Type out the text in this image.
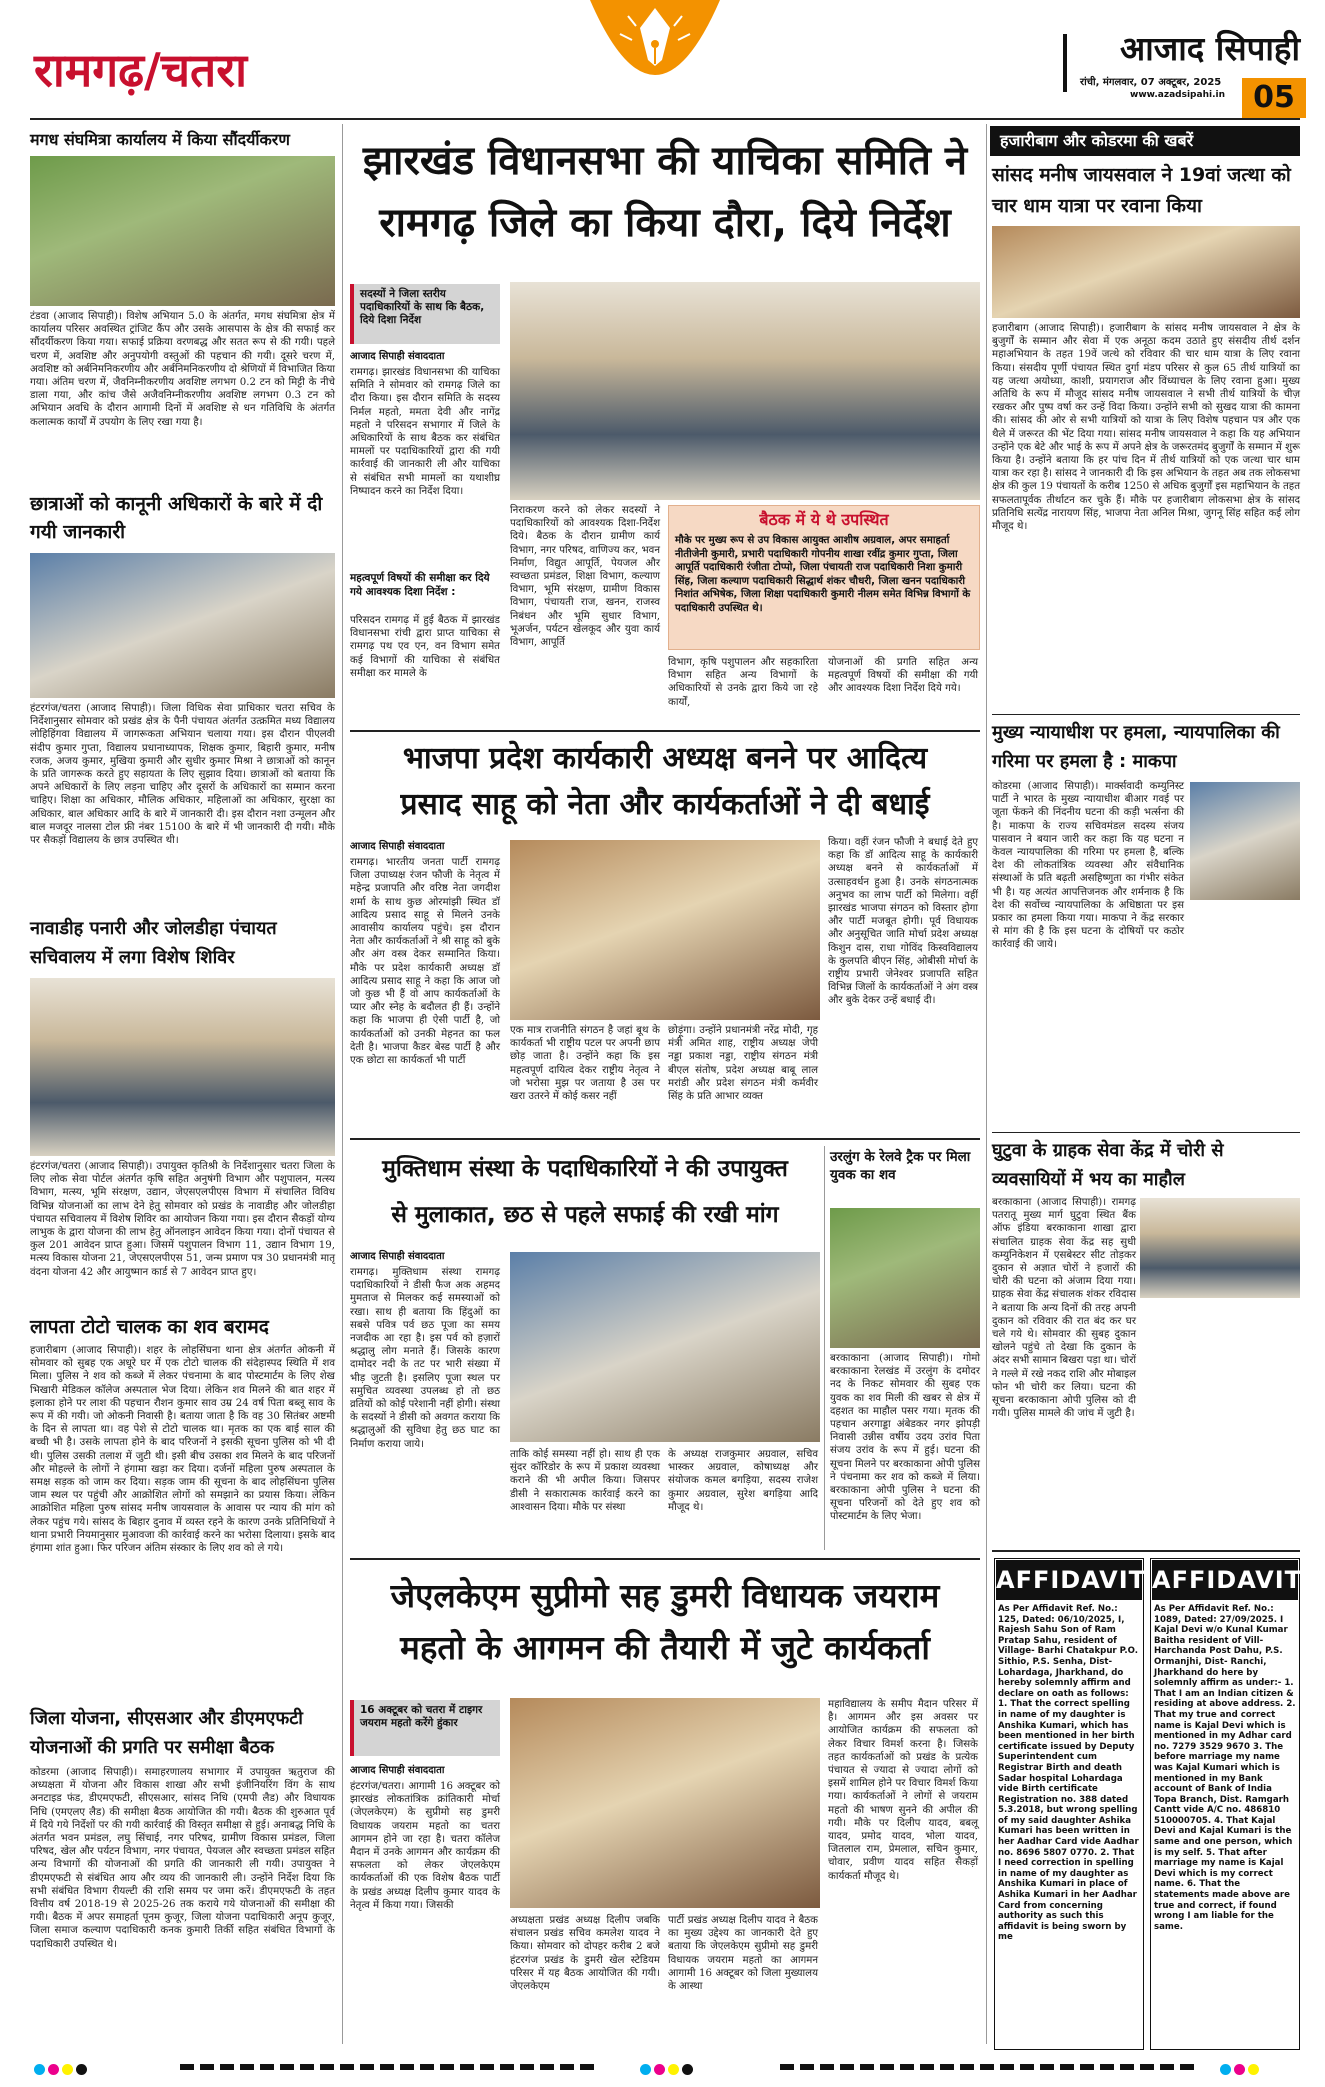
रामगढ़/चतरा	आजाद सिपाही
रांची, मंगलवार, 07 अक्टूबर, 2025
www.azadsipahi.in 05
मगध संघमित्रा कार्यालय में किया सौंदर्यीकरण
टंडवा (आजाद सिपाही)। विशेष अभियान 5.0 के अंतर्गत, मगध संघमित्रा क्षेत्र में कार्यालय परिसर अवस्थित ट्रांजिट कैंप और उसके आसपास के क्षेत्र की सफाई कर सौंदर्यीकरण किया गया। सफाई प्रक्रिया वरणबद्ध और सतत रूप से की गयी। पहले चरण में, अवशिष्ट और अनुपयोगी वस्तुओं की पहचान की गयी। दूसरे चरण में, अवशिष्ट को अर्बनिमनिकरणीय और अर्बनिमनिकरणीय दो श्रेणियों में विभाजित किया गया। अंतिम चरण में, जैवनिम्नीकरणीय अवशिष्ट लगभग 0.2 टन को मिट्टी के नीचे डाला गया, और कांच जैसे अजैवनिम्नीकरणीय अवशिष्ट लगभग 0.3 टन को अभियान अवधि के दौरान आगामी दिनों में अवशिष्ट से धन गतिविधि के अंतर्गत कलात्मक कार्यों में उपयोग के लिए रखा गया है।
छात्राओं को कानूनी अधिकारों के बारे में दी गयी जानकारी
हंटरगंज/चतरा (आजाद सिपाही)। जिला विधिक सेवा प्राधिकार चतरा सचिव के निर्देशानुसार सोमवार को प्रखंड क्षेत्र के पैनी पंचायत अंतर्गत उत्क्रमित मध्य विद्यालय लोहिहिंगवा विद्यालय में जागरूकता अभियान चलाया गया। इस दौरान पीएलवी संदीप कुमार गुप्ता, विद्यालय प्रधानाध्यापक, शिक्षक कुमार, बिहारी कुमार, मनीष रजक, अजय कुमार, मुखिया कुमारी और सुधीर कुमार मिश्रा ने छात्राओं को कानून के प्रति जागरूक करते हुए सहायता के लिए सुझाव दिया। छात्राओं को बताया कि अपने अधिकारों के लिए लड़ना चाहिए और दूसरों के अधिकारों का सम्मान करना चाहिए। शिक्षा का अधिकार, मौलिक अधिकार, महिलाओं का अधिकार, सुरक्षा का अधिकार, बाल अधिकार आदि के बारे में जानकारी दी। इस दौरान नशा उन्मूलन और बाल मजदूर नालसा टोल फ्री नंबर 15100 के बारे में भी जानकारी दी गयी। मौके पर सैकड़ों विद्यालय के छात्र उपस्थित थी।
नावाडीह पनारी और जोलडीहा पंचायत सचिवालय में लगा विशेष शिविर
हंटरगंज/चतरा (आजाद सिपाही)। उपायुक्त कृतिश्री के निर्देशानुसार चतरा जिला के लिए लोक सेवा पोर्टल अंतर्गत कृषि सहित अनुषंगी विभाग और पशुपालन, मत्स्य विभाग, मत्स्य, भूमि संरक्षण, उद्यान, जेएसएलपीएस विभाग में संचालित विविध विभिन्न योजनाओं का लाभ देने हेतु सोमवार को प्रखंड के नावाडीह और जोलडीहा पंचायत सचिवालय में विशेष शिविर का आयोजन किया गया। इस दौरान सैकड़ों योग्य लाभुक के द्वारा योजना की लाभ हेतु ऑनलाइन आवेदन किया गया। दोनों पंचायत से कुल 201 आवेदन प्राप्त हुआ। जिसमें पशुपालन विभाग 11, उद्यान विभाग 19, मत्स्य विकास योजना 21, जेएसएलपीएस 51, जन्म प्रमाण पत्र 30 प्रधानमंत्री मातृ वंदना योजना 42 और आयुष्मान कार्ड से 7 आवेदन प्राप्त हुए।
लापता टोटो चालक का शव बरामद
हजारीबाग (आजाद सिपाही)। शहर के लोहसिंघना थाना क्षेत्र अंतर्गत ओकनी में सोमवार को सुबह एक अधूरे घर में एक टोटो चालक की संदेहास्पद स्थिति में शव मिला। पुलिस ने शव को कब्जे में लेकर पंचनामा के बाद पोस्टमार्टम के लिए शेख भिखारी मेडिकल कॉलेज अस्पताल भेज दिया। लेकिन शव मिलने की बात शहर में इलाका होने पर लाश की पहचान रौशन कुमार साव उम्र 24 वर्ष पिता बब्लू साव के रूप में की गयी। जो ओकनी निवासी है। बताया जाता है कि वह 30 सितंबर अष्टमी के दिन से लापता था। वह पेशे से टोटो चालक था। मृतक का एक बाई साल की बच्ची भी है। उसके लापता होने के बाद परिजनों ने इसकी सूचना पुलिस को भी दी थी। पुलिस उसकी तलाश में जुटी थी। इसी बीच उसका शव मिलने के बाद परिजनों और मोहल्ले के लोगों ने हंगामा खड़ा कर दिया। दर्जनों महिला पुरुष अस्पताल के समक्ष सड़क को जाम कर दिया। सड़क जाम की सूचना के बाद लोहसिंघना पुलिस जाम स्थल पर पहुंची और आक्रोशित लोगों को समझाने का प्रयास किया। लेकिन आक्रोशित महिला पुरुष सांसद मनीष जायसवाल के आवास पर न्याय की मांग को लेकर पहुंच गये। सांसद के बिहार दुनाव में व्यस्त रहने के कारण उनके प्रतिनिधियों ने थाना प्रभारी नियमानुसार मुआवजा की कार्रवाई करने का भरोसा दिलाया। इसके बाद हंगामा शांत हुआ। फिर परिजन अंतिम संस्कार के लिए शव को ले गये।
जिला योजना, सीएसआर और डीएमएफटी योजनाओं की प्रगति पर समीक्षा बैठक
कोडरमा (आजाद सिपाही)। समाहरणालय सभागार में उपायुक्त ऋतुराज की अध्यक्षता में योजना और विकास शाखा और सभी इंजीनियरिंग विंग के साथ अनटाइड फंड, डीएमएफटी, सीएसआर, सांसद निधि (एमपी लैड) और विधायक निधि (एमएलए लैड) की समीक्षा बैठक आयोजित की गयी। बैठक की शुरुआत पूर्व में दिये गये निर्देशों पर की गयी कार्रवाई की विस्तृत समीक्षा से हुई। अनाबद्ध निधि के अंतर्गत भवन प्रमंडल, लघु सिंचाई, नगर परिषद, ग्रामीण विकास प्रमंडल, जिला परिषद, खेल और पर्यटन विभाग, नगर पंचायत, पेयजल और स्वच्छता प्रमंडल सहित अन्य विभागों की योजनाओं की प्रगति की जानकारी ली गयी। उपायुक्त ने डीएमएफटी से संबंधित आय और व्यय की जानकारी ली। उन्होंने निर्देश दिया कि सभी संबंधित विभाग रीयल्टी की राशि समय पर जमा करें। डीएमएफटी के तहत वित्तीय वर्ष 2018-19 से 2025-26 तक कराये गये योजनाओं की समीक्षा की गयी। बैठक में अपर समाहर्ता पूनम कुजूर, जिला योजना पदाधिकारी अनूप कुजूर, जिला समाज कल्याण पदाधिकारी कनक कुमारी तिर्की सहित संबंधित विभागों के पदाधिकारी उपस्थित थे।
झारखंड विधानसभा की याचिका समिति ने
रामगढ़ जिले का किया दौरा, दिये निर्देश
सदस्यों ने जिला स्तरीय पदाधिकारियों के साथ कि बैठक, दिये दिशा निर्देश
आजाद सिपाही संवाददाता
रामगढ़। झारखंड विधानसभा की याचिका समिति ने सोमवार को रामगढ़ जिले का दौरा किया। इस दौरान समिति के सदस्य निर्मल महतो, ममता देवी और नागेंद्र महतो ने परिसदन सभागार में जिले के अधिकारियों के साथ बैठक कर संबंधित मामलों पर पदाधिकारियों द्वारा की गयी कार्रवाई की जानकारी ली और याचिका से संबंधित सभी मामलों का यथाशीघ्र निष्पादन करने का निर्देश दिया।
महत्वपूर्ण विषयों की समीक्षा कर दिये गये आवश्यक दिशा निर्देश :
परिसदन रामगढ़ में हुई बैठक में झारखंड विधानसभा रांची द्वारा प्राप्त याचिका से रामगढ़ पथ एव एन, वन विभाग समेत कई विभागों की याचिका से संबंधित समीक्षा कर मामले के
निराकरण करने को लेकर सदस्यों ने पदाधिकारियों को आवश्यक दिशा-निर्देश दिये। बैठक के दौरान ग्रामीण कार्य विभाग, नगर परिषद, वाणिज्य कर, भवन निर्माण, विद्युत आपूर्ति, पेयजल और स्वच्छता प्रमंडल, शिक्षा विभाग, कल्याण विभाग, भूमि संरक्षण, ग्रामीण विकास विभाग, पंचायती राज, खनन, राजस्व निबंधन और भूमि सुधार विभाग, भूअर्जन, पर्यटन खेलकूद और युवा कार्य विभाग, आपूर्ति
बैठक में ये थे उपस्थित
मौके पर मुख्य रूप से उप विकास आयुक्त आशीष अग्रवाल, अपर समाहर्ता नीतीजेनी कुमारी, प्रभारी पदाधिकारी गोपनीय शाखा रवींद्र कुमार गुप्ता, जिला आपूर्ति पदाधिकारी रंजीता टोप्पो, जिला पंचायती राज पदाधिकारी निशा कुमारी सिंह, जिला कल्याण पदाधिकारी सिद्धार्थ शंकर चौधरी, जिला खनन पदाधिकारी निशांत अभिषेक, जिला शिक्षा पदाधिकारी कुमारी नीलम समेत विभिन्न विभागों के पदाधिकारी उपस्थित थे।
विभाग, कृषि पशुपालन और सहकारिता विभाग सहित अन्य विभागों के अधिकारियों से उनके द्वारा किये जा रहे कार्यों,
योजनाओं की प्रगति सहित अन्य महत्वपूर्ण विषयों की समीक्षा की गयी और आवश्यक दिशा निर्देश दिये गये।
भाजपा प्रदेश कार्यकारी अध्यक्ष बनने पर आदित्य
प्रसाद साहू को नेता और कार्यकर्ताओं ने दी बधाई
आजाद सिपाही संवाददाता
रामगढ़। भारतीय जनता पार्टी रामगढ़ जिला उपाध्यक्ष रंजन फौजी के नेतृत्व में महेन्द्र प्रजापति और वरिष्ठ नेता जगदीश शर्मा के साथ कुछ ओरमांझी स्थित डॉ आदित्य प्रसाद साहू से मिलने उनके आवासीय कार्यालय पहुंचे। इस दौरान नेता और कार्यकर्ताओं ने श्री साहू को बुके और अंग वस्त्र देकर सम्मानित किया। मौके पर प्रदेश कार्यकारी अध्यक्ष डॉ आदित्य प्रसाद साहू ने कहा कि आज जो जो कुछ भी हैं वो आप कार्यकर्ताओं के प्यार और स्नेह के बदौलत ही हैं। उन्होंने कहा कि भाजपा ही ऐसी पार्टी है, जो कार्यकर्ताओं को उनकी मेहनत का फल देती है। भाजपा कैडर बेस्ड पार्टी है और एक छोटा सा कार्यकर्ता भी पार्टी
एक मात्र राजनीति संगठन है जहां बूथ के कार्यकर्ता भी राष्ट्रीय पटल पर अपनी छाप छोड़ जाता है। उन्होंने कहा कि इस महत्वपूर्ण दायित्व देकर राष्ट्रीय नेतृत्व ने जो भरोसा मुझ पर जताया है उस पर खरा उतरने में कोई कसर नहीं
छोड़ूंगा। उन्होंने प्रधानमंत्री नरेंद्र मोदी, गृह मंत्री अमित शाह, राष्ट्रीय अध्यक्ष जेपी नड्डा प्रकाश नड्डा, राष्ट्रीय संगठन मंत्री बीएल संतोष, प्रदेश अध्यक्ष बाबू लाल मरांडी और प्रदेश संगठन मंत्री कर्मवीर सिंह के प्रति आभार व्यक्त
किया। वहीं रंजन फौजी ने बधाई देते हुए कहा कि डॉ आदित्य साहू के कार्यकारी अध्यक्ष बनने से कार्यकर्ताओं में उत्साहवर्धन हुआ है। उनके संगठनात्मक अनुभव का लाभ पार्टी को मिलेगा। वहीं झारखंड भाजपा संगठन को विस्तार होगा और पार्टी मजबूत होगी। पूर्व विधायक और अनुसूचित जाति मोर्चा प्रदेश अध्यक्ष किशुन दास, राधा गोविंद किस्वविद्यालय के कुलपति बीएन सिंह, ओबीसी मोर्चा के राष्ट्रीय प्रभारी जेनेश्वर प्रजापति सहित विभिन्न जिलों के कार्यकर्ताओं ने अंग वस्त्र और बुके देकर उन्हें बधाई दी।
मुक्तिधाम संस्था के पदाधिकारियों ने की उपायुक्त
से मुलाकात, छठ से पहले सफाई की रखी मांग
आजाद सिपाही संवाददाता
रामगढ़। मुक्तिधाम संस्था रामगढ़ पदाधिकारियों ने डीसी फैज अक अहमद मुमताज से मिलकर कई समस्याओं को रखा। साथ ही बताया कि हिंदुओं का सबसे पवित्र पर्व छठ पूजा का समय नजदीक आ रहा है। इस पर्व को हज़ारों श्रद्धालु लोग मनाते हैं। जिसके कारण दामोदर नदी के तट पर भारी संख्या में भीड़ जुटती है। इसलिए पूजा स्थल पर समुचित व्यवस्था उपलब्ध हो तो छठ व्रतियों को कोई परेशानी नहीं होगी। संस्था के सदस्यों ने डीसी को अवगत कराया कि श्रद्धालुओं की सुविधा हेतु छठ घाट का निर्माण कराया जाये।
ताकि कोई समस्या नहीं हो। साथ ही एक सुंदर कॉरिडोर के रूप में प्रकाश व्यवस्था कराने की भी अपील किया। जिसपर डीसी ने सकारात्मक कार्रवाई करने का आश्वासन दिया। मौके पर संस्था
के अध्यक्ष राजकुमार अग्रवाल, सचिव भास्कर अग्रवाल, कोषाध्यक्ष और संयोजक कमल बगड़िया, सदस्य राजेश कुमार अग्रवाल, सुरेश बगड़िया आदि मौजूद थे।
उरलुंग के रेलवे ट्रैक पर मिला युवक का शव
बरकाकाना (आजाद सिपाही)। गोमो बरकाकाना रेलखंड में उरलुंग के दमोदर नद के निकट सोमवार की सुबह एक युवक का शव मिली की खबर से क्षेत्र में दहशत का माहौल पसर गया। मृतक की पहचान अरगाड्डा अंबेडकर नगर झोपड़ी निवासी उन्नीस वर्षीय उदय उरांव पिता संजय उरांव के रूप में हुई। घटना की सूचना मिलने पर बरकाकाना ओपी पुलिस ने पंचनामा कर शव को कब्जे में लिया। बरकाकाना ओपी पुलिस ने घटना की सूचना परिजनों को देते हुए शव को पोस्टमार्टम के लिए भेजा।
जेएलकेएम सुप्रीमो सह डुमरी विधायक जयराम
महतो के आगमन की तैयारी में जुटे कार्यकर्ता
16 अक्टूबर को चतरा में टाइगर जयराम महतो करेंगे हुंकार
आजाद सिपाही संवाददाता
हंटरगंज/चतरा। आगामी 16 अक्टूबर को झारखंड लोकतांत्रिक क्रांतिकारी मोर्चा (जेएलकेएम) के सुप्रीमो सह डुमरी विधायक जयराम महतो का चतरा आगमन होने जा रहा है। चतरा कॉलेज मैदान में उनके आगमन और कार्यक्रम की सफलता को लेकर जेएलकेएम कार्यकर्ताओं की एक विशेष बैठक पार्टी के प्रखंड अध्यक्ष दिलीप कुमार यादव के नेतृत्व में किया गया। जिसकी
अध्यक्षता प्रखंड अध्यक्ष दिलीप जबकि संचालन प्रखंड सचिव कमलेश यादव ने किया। सोमवार को दोपहर करीब 2 बजे हंटरगंज प्रखंड के डुमरी खेल स्टेडियम परिसर में यह बैठक आयोजित की गयी। जेएलकेएम
पार्टी प्रखंड अध्यक्ष दिलीप यादव ने बैठक का मुख्य उद्देश्य का जानकारी देते हुए बताया कि जेएलकेएम सुप्रीमो सह डुमरी विधायक जयराम महतो का आगमन आगामी 16 अक्टूबर को जिला मुख्यालय के आस्था
महाविद्यालय के समीप मैदान परिसर में है। आगमन और इस अवसर पर आयोजित कार्यक्रम की सफलता को लेकर विचार विमर्श करना है। जिसके तहत कार्यकर्ताओं को प्रखंड के प्रत्येक पंचायत से ज्यादा से ज्यादा लोगों को इसमें शामिल होने पर विचार विमर्श किया गया। कार्यकर्ताओं ने लोगों से जयराम महतो की भाषण सुनने की अपील की गयी। मौके पर दिलीप यादव, बबलू यादव, प्रमोद यादव, भोला यादव, जितलाल राम, प्रेमलाल, सचिन कुमार, चोवार, प्रवीण यादव सहित सैकड़ों कार्यकर्ता मौजूद थे।
हजारीबाग और कोडरमा की खबरें
सांसद मनीष जायसवाल ने 19वां जत्था को चार धाम यात्रा पर रवाना किया
हजारीबाग (आजाद सिपाही)। हजारीबाग के सांसद मनीष जायसवाल ने क्षेत्र के बुजुर्गों के सम्मान और सेवा में एक अनूठा कदम उठाते हुए संसदीय तीर्थ दर्शन महाअभियान के तहत 19वें जत्थे को रविवार की चार धाम यात्रा के लिए रवाना किया। संसदीय पूर्णी पंचायत स्थित दुर्गा मंडप परिसर से कुल 65 तीर्थ यात्रियों का यह जत्था अयोध्या, काशी, प्रयागराज और विंध्याचल के लिए रवाना हुआ। मुख्य अतिथि के रूप में मौजूद सांसद मनीष जायसवाल ने सभी तीर्थ यात्रियों के चीज़ रखकर और पुष्प वर्षा कर उन्हें विदा किया। उन्होंने सभी को सुखद यात्रा की कामना की। सांसद की ओर से सभी यात्रियों को यात्रा के लिए विशेष पहचान पत्र और एक थैले में जरूरत की भेंट दिया गया। सांसद मनीष जायसवाल ने कहा कि यह अभियान उन्होंने एक बेटे और भाई के रूप में अपने क्षेत्र के जरूरतमंद बुजुर्गों के सम्मान में शुरू किया है। उन्होंने बताया कि हर पांच दिन में तीर्थ यात्रियों को एक जत्था चार धाम यात्रा कर रहा है। सांसद ने जानकारी दी कि इस अभियान के तहत अब तक लोकसभा क्षेत्र की कुल 19 पंचायतों के करीब 1250 से अधिक बुजुर्गों इस महाभियान के तहत सफलतापूर्वक तीर्थाटन कर चुके हैं। मौके पर हजारीबाग लोकसभा क्षेत्र के सांसद प्रतिनिधि सत्येंद्र नारायण सिंह, भाजपा नेता अनिल मिश्रा, जुगनू सिंह सहित कई लोग मौजूद थे।
मुख्य न्यायाधीश पर हमला, न्यायपालिका की गरिमा पर हमला है : माकपा
कोडरमा (आजाद सिपाही)। मार्क्सवादी कम्युनिस्ट पार्टी ने भारत के मुख्य न्यायाधीश बीआर गवई पर जूता फेंकने की निंदनीय घटना की कड़ी भर्त्सना की है। माकपा के राज्य सचिवमंडल सदस्य संजय पासवान ने बयान जारी कर कहा कि यह घटना न केवल न्यायपालिका की गरिमा पर हमला है, बल्कि देश की लोकतांत्रिक व्यवस्था और संवैधानिक संस्थाओं के प्रति बढ़ती असहिष्णुता का गंभीर संकेत भी है। यह अत्यंत आपत्तिजनक और शर्मनाक है कि देश की सर्वोच्च न्यायपालिका के अधिष्ठाता पर इस प्रकार का हमला किया गया। माकपा ने केंद्र सरकार से मांग की है कि इस घटना के दोषियों पर कठोर कार्रवाई की जाये।
घुटुवा के ग्राहक सेवा केंद्र में चोरी से व्यवसायियों में भय का माहौल
बरकाकाना (आजाद सिपाही)। रामगढ़ पतरातू मुख्य मार्ग घुटुवा स्थित बैंक ऑफ इंडिया बरकाकाना शाखा द्वारा संचालित ग्राहक सेवा केंद्र सह सुधी कम्युनिकेशन में एसबेस्टर सीट तोड़कर दुकान से अज्ञात चोरों ने हजारों की चोरी की घटना को अंजाम दिया गया। ग्राहक सेवा केंद्र संचालक शंकर रविदास ने बताया कि अन्य दिनों की तरह अपनी दुकान को रविवार की रात बंद कर घर चले गये थे। सोमवार की सुबह दुकान खोलने पहुंचे तो देखा कि दुकान के अंदर सभी सामान बिखरा पड़ा था। चोरों ने गल्ले में रखे नकद राशि और मोबाइल फोन भी चोरी कर लिया। घटना की सूचना बरकाकाना ओपी पुलिस को दी गयी। पुलिस मामले की जांच में जुटी है।
AFFIDAVIT
As Per Affidavit Ref. No.: 125, Dated: 06/10/2025, I, Rajesh Sahu Son of Ram Pratap Sahu, resident of Village- Barhi Chatakpur P.O. Sithio, P.S. Senha, Dist- Lohardaga, Jharkhand, do hereby solemnly affirm and declare on oath as follows: 1. That the correct spelling in name of my daughter is Anshika Kumari, which has been mentioned in her birth certificate issued by Deputy Superintendent cum Registrar Birth and death Sadar hospital Lohardaga vide Birth certificate Registration no. 388 dated 5.3.2018, but wrong spelling of my said daughter Ashika Kumari has been written in her Aadhar Card vide Aadhar no. 8696 5807 0770. 2. That I need correction in spelling in name of my daughter as Anshika Kumari in place of Ashika Kumari in her Aadhar Card from concerning authority as such this affidavit is being sworn by me
AFFIDAVIT
As Per Affidavit Ref. No.: 1089, Dated: 27/09/2025. I Kajal Devi w/o Kunal Kumar Baitha resident of Vill- Harchanda Post Dahu, P.S. Ormanjhi, Dist- Ranchi, Jharkhand do here by solemnly affirm as under:- 1. That I am an Indian citizen & residing at above address. 2. That my true and correct name is Kajal Devi which is mentioned in my Adhar card no. 7279 3529 9670 3. The before marriage my name was Kajal Kumari which is mentioned in my Bank account of Bank of India Topa Branch, Dist. Ramgarh Cantt vide A/C no. 486810 510000705. 4. That Kajal Devi and Kajal Kumari is the same and one person, which is my self. 5. That after marriage my name is Kajal Devi which is my correct name. 6. That the statements made above are true and correct, if found wrong I am liable for the same.
